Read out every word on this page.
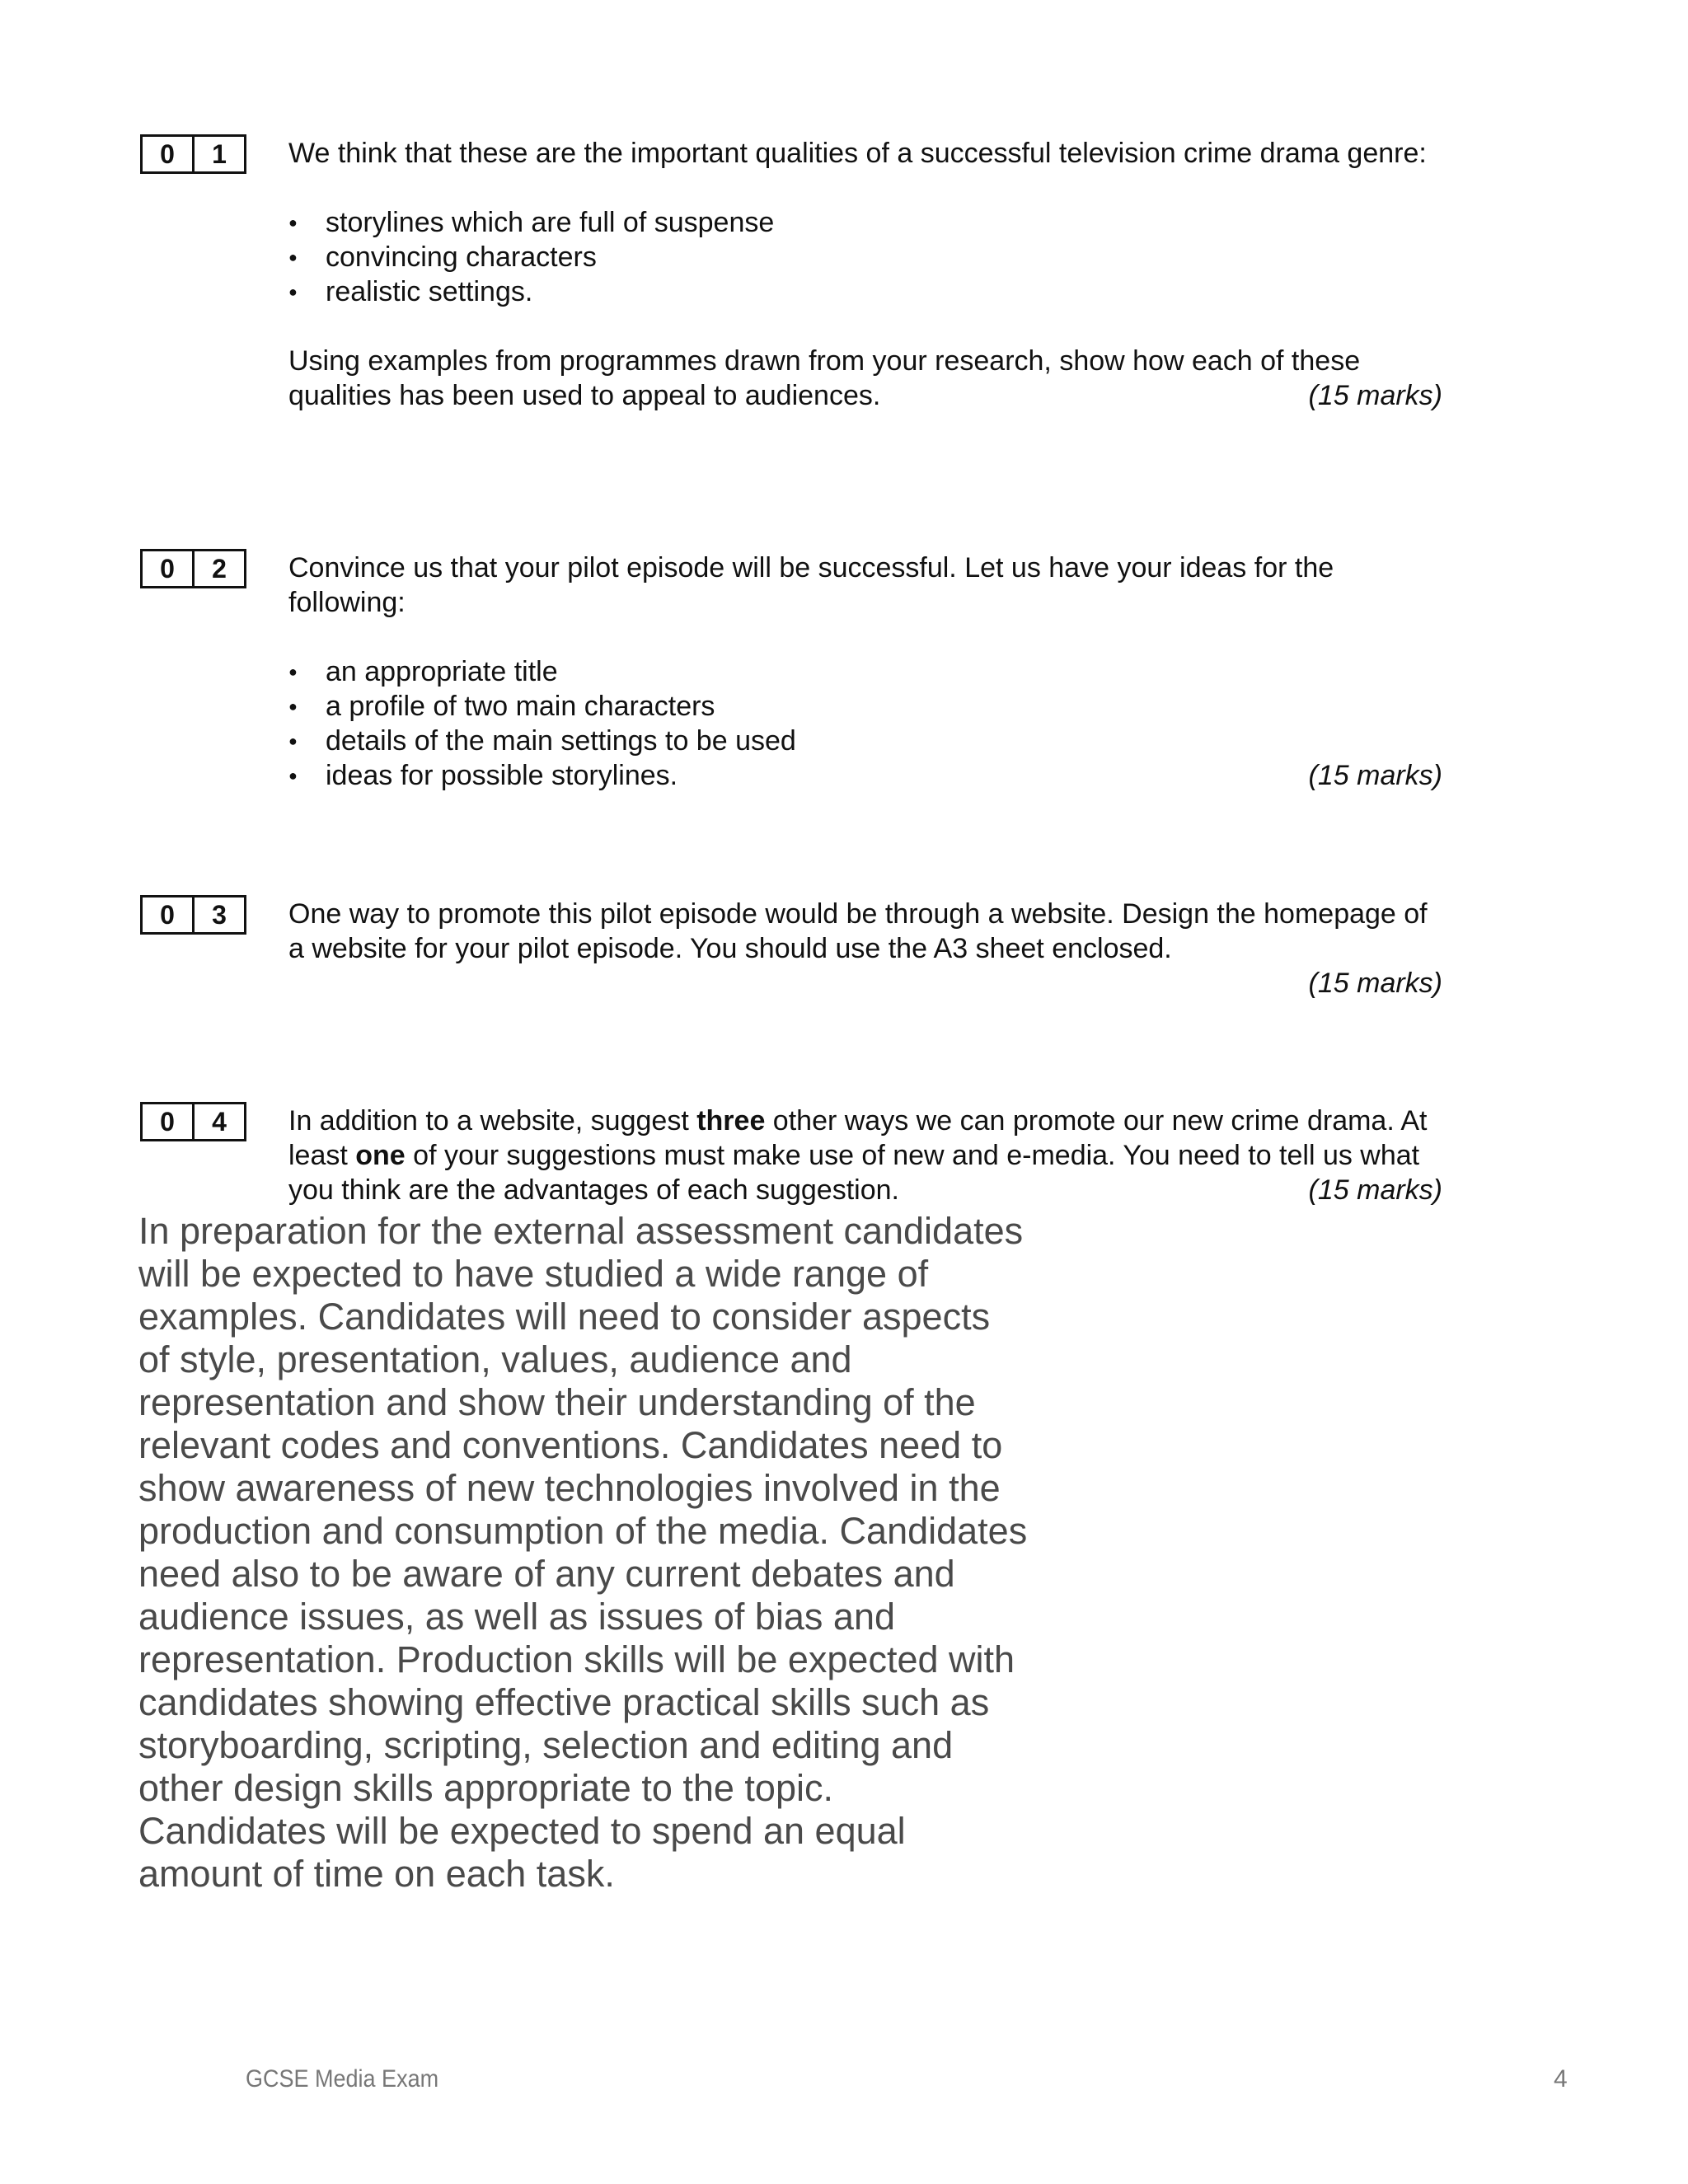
0	1	We think that these are the important qualities of a successful television crime drama genre:

● storylines which are full of suspense
● convincing characters
● realistic settings.

Using examples from programmes drawn from your research, show how each of these qualities has been used to appeal to audiences.	(15 marks)

0	2	Convince us that your pilot episode will be successful. Let us have your ideas for the following:

● an appropriate title
● a profile of two main characters
● details of the main settings to be used
● ideas for possible storylines.	(15 marks)
0	3	One way to promote this pilot episode would be through a website. Design the homepage of a website for your pilot episode. You should use the A3 sheet enclosed.

(15 marks)

0	4	In addition to a website, suggest three other ways we can promote our new crime drama. At least one of your suggestions must make use of new and e-media. You need to tell us what you think are the advantages of each suggestion.	(15 marks)

In preparation for the external assessment candidates will be expected to have studied a wide range of examples. Candidates will need to consider aspects of style, presentation, values, audience and representation and show their understanding of the relevant codes and conventions. Candidates need to show awareness of new technologies involved in the production and consumption of the media. Candidates need also to be aware of any current debates and audience issues, as well as issues of bias and representation. Production skills will be expected with candidates showing effective practical skills such as storyboarding, scripting, selection and editing and other design skills appropriate to the topic. Candidates will be expected to spend an equal amount of time on each task.
GCSE Media Exam	4
